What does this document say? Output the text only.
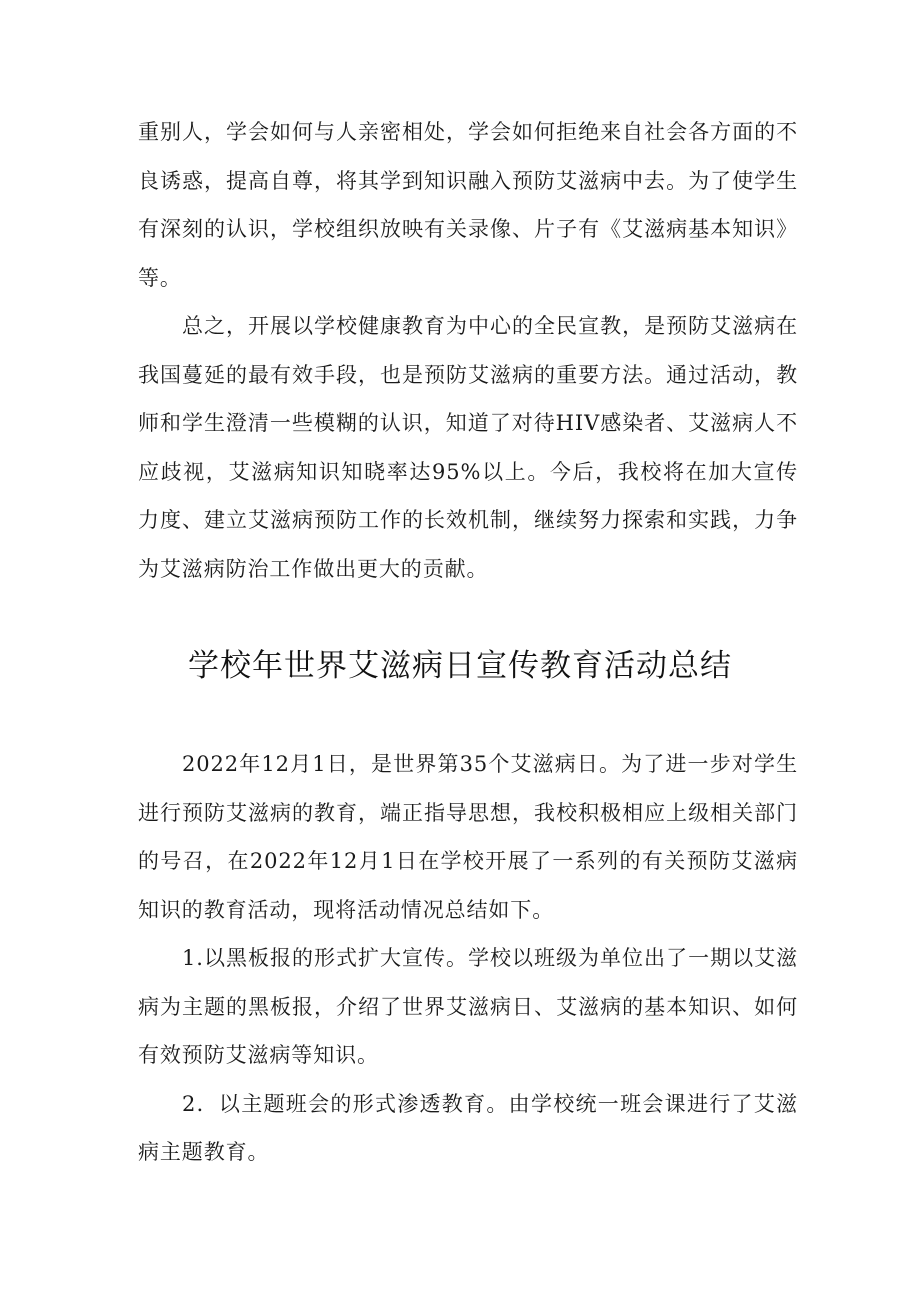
重别人，学会如何与人亲密相处，学会如何拒绝来自社会各方面的不良诱惑，提高自尊，将其学到知识融入预防艾滋病中去。为了使学生有深刻的认识，学校组织放映有关录像、片子有《艾滋病基本知识》等。

总之，开展以学校健康教育为中心的全民宣教，是预防艾滋病在我国蔓延的最有效手段，也是预防艾滋病的重要方法。通过活动，教师和学生澄清一些模糊的认识，知道了对待HIV感染者、艾滋病人不应歧视，艾滋病知识知晓率达95%以上。今后，我校将在加大宣传力度、建立艾滋病预防工作的长效机制，继续努力探索和实践，力争为艾滋病防治工作做出更大的贡献。

学校年世界艾滋病日宣传教育活动总结

2022年12月1日，是世界第35个艾滋病日。为了进一步对学生进行预防艾滋病的教育，端正指导思想，我校积极相应上级相关部门的号召，在2022年12月1日在学校开展了一系列的有关预防艾滋病知识的教育活动，现将活动情况总结如下。

1.以黑板报的形式扩大宣传。学校以班级为单位出了一期以艾滋病为主题的黑板报，介绍了世界艾滋病日、艾滋病的基本知识、如何有效预防艾滋病等知识。

2．以主题班会的形式渗透教育。由学校统一班会课进行了艾滋病主题教育。
